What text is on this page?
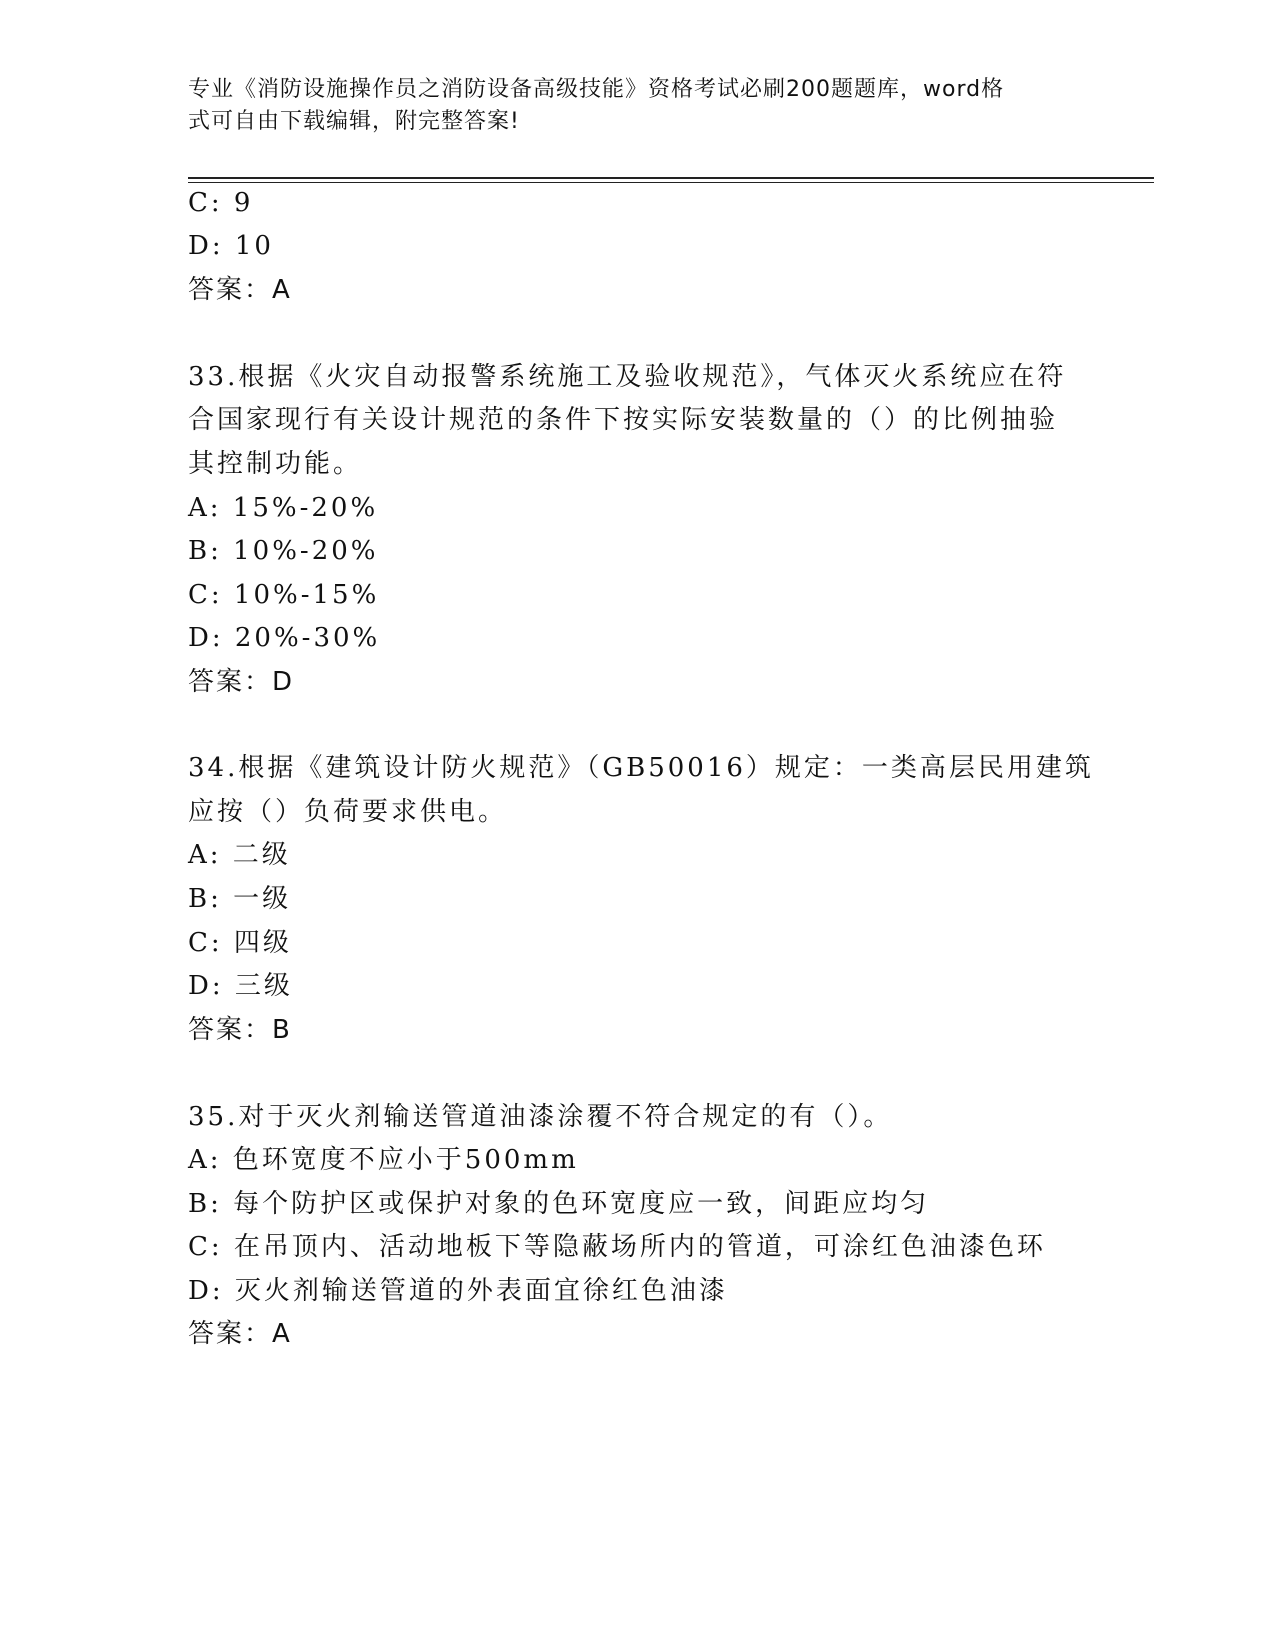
专业《消防设施操作员之消防设备高级技能》资格考试必刷200题题库，word格
式可自由下载编辑，附完整答案!
C: 9
D: 10
答案：A
33.根据《火灾自动报警系统施工及验收规范》，气体灭火系统应在符
合国家现行有关设计规范的条件下按实际安装数量的（）的比例抽验
其控制功能。
A: 15%-20%
B: 10%-20%
C: 10%-15%
D: 20%-30%
答案：D
34.根据《建筑设计防火规范》（GB50016）规定：一类高层民用建筑
应按（）负荷要求供电。
A: 二级
B: 一级
C: 四级
D: 三级
答案：B
35.对于灭火剂输送管道油漆涂覆不符合规定的有（）。
A: 色环宽度不应小于500mm
B: 每个防护区或保护对象的色环宽度应一致，间距应均匀
C: 在吊顶内、活动地板下等隐蔽场所内的管道，可涂红色油漆色环
D: 灭火剂输送管道的外表面宜徐红色油漆
答案：A
